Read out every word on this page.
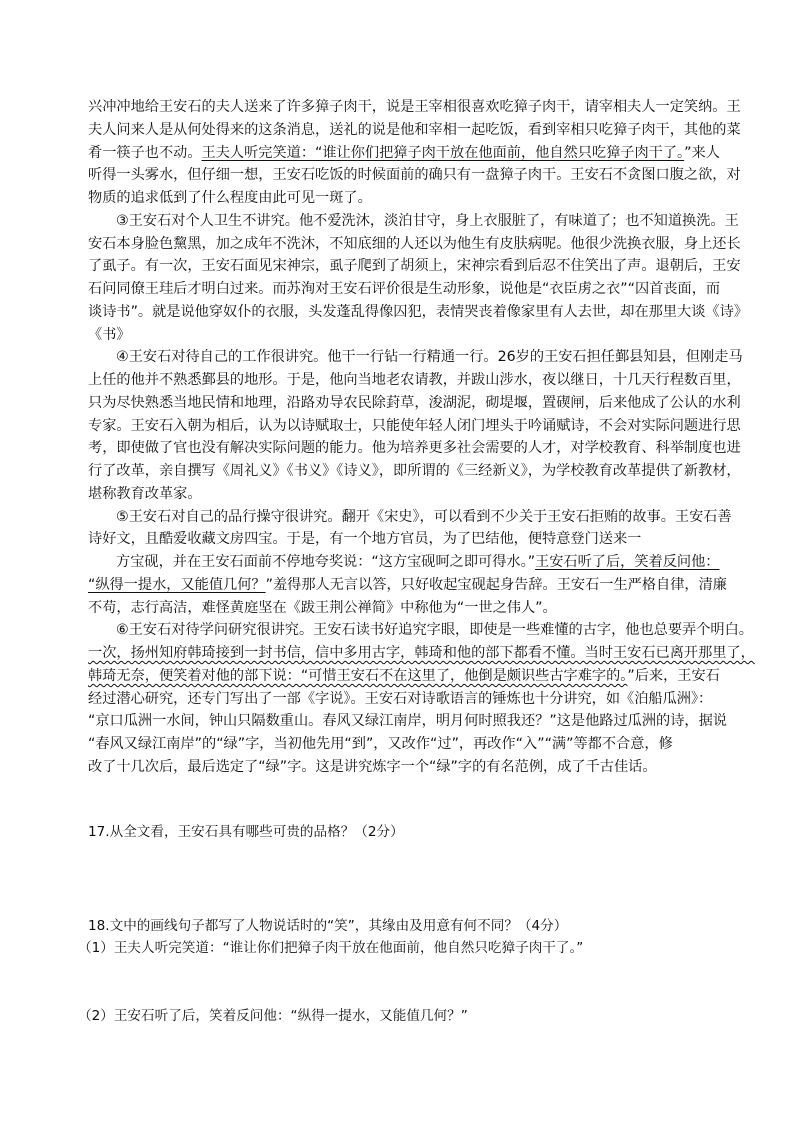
兴冲冲地给王安石的夫人送来了许多獐子肉干，说是王宰相很喜欢吃獐子肉干，请宰相夫人一定笑纳。王
夫人问来人是从何处得来的这条消息，送礼的说是他和宰相一起吃饭，看到宰相只吃獐子肉干，其他的菜
肴一筷子也不动。王夫人听完笑道：“谁让你们把獐子肉干放在他面前，他自然只吃獐子肉干了。”来人
听得一头雾水，但仔细一想，王安石吃饭的时候面前的确只有一盘獐子肉干。王安石不贪图口腹之欲，对
物质的追求低到了什么程度由此可见一斑了。
③王安石对个人卫生不讲究。他不爱洗沐，淡泊甘守，身上衣服脏了，有味道了；也不知道换洗。王
安石本身脸色黧黑，加之成年不洗沐，不知底细的人还以为他生有皮肤病呢。他很少洗换衣服，身上还长
了虱子。有一次，王安石面见宋神宗，虱子爬到了胡须上，宋神宗看到后忍不住笑出了声。退朝后，王安
石问同僚王珪后才明白过来。而苏洵对王安石评价很是生动形象，说他是“衣臣虏之衣”“囚首丧面，而
谈诗书”。就是说他穿奴仆的衣服，头发蓬乱得像囚犯，表情哭丧着像家里有人去世，却在那里大谈《诗》
《书》
④王安石对待自己的工作很讲究。他干一行钻一行精通一行。26岁的王安石担任鄞县知县，但刚走马
上任的他并不熟悉鄞县的地形。于是，他向当地老农请教，并跋山涉水，夜以继日，十几天行程数百里，
只为尽快熟悉当地民情和地理，沿路劝导农民除葑草，浚湖泥，砌堤堰，置碶闸，后来他成了公认的水利
专家。王安石入朝为相后，认为以诗赋取士，只能使年轻人闭门埋头于吟诵赋诗，不会对实际问题进行思
考，即使做了官也没有解决实际问题的能力。他为培养更多社会需要的人才，对学校教育、科举制度也进
行了改革，亲自撰写《周礼义》《书义》《诗义》，即所谓的《三经新义》，为学校教育改革提供了新教材，
堪称教育改革家。
⑤王安石对自己的品行操守很讲究。翻开《宋史》，可以看到不少关于王安石拒贿的故事。王安石善
诗好文，且酷爱收藏文房四宝。于是，有一个地方官员，为了巴结他，便特意登门送来一
方宝砚，并在王安石面前不停地夸奖说：“这方宝砚呵之即可得水。”王安石听了后，笑着反问他：
“纵得一提水，又能值几何？”羞得那人无言以答，只好收起宝砚起身告辞。王安石一生严格自律，清廉
不苟，志行高洁，难怪黄庭坚在《跋王荆公禅简》中称他为“一世之伟人”。
⑥王安石对待学问研究很讲究。王安石读书好追究字眼，即使是一些难懂的古字，他也总要弄个明白。
一次，扬州知府韩琦接到一封书信，信中多用古字，韩琦和他的部下都看不懂。当时王安石已离开那里了，
韩琦无奈，便笑着对他的部下说：“可惜王安石不在这里了，他倒是颇识些古字难字的。”后来，王安石
经过潜心研究，还专门写出了一部《字说》。王安石对诗歌语言的锤炼也十分讲究，如《泊船瓜洲》：
“京口瓜洲一水间，钟山只隔数重山。春风又绿江南岸，明月何时照我还？”这是他路过瓜洲的诗，据说
“春风又绿江南岸”的“绿”字，当初他先用“到”，又改作“过”，再改作“入”“满”等都不合意，修
改了十几次后，最后选定了“绿”字。这是讲究炼字一个“绿”字的有名范例，成了千古佳话。
17.从全文看，王安石具有哪些可贵的品格？（2分）
18.文中的画线句子都写了人物说话时的“笑”，其缘由及用意有何不同？（4分）
（1）王夫人听完笑道：“谁让你们把獐子肉干放在他面前，他自然只吃獐子肉干了。”
（2）王安石听了后，笑着反问他：“纵得一提水，又能值几何？”
